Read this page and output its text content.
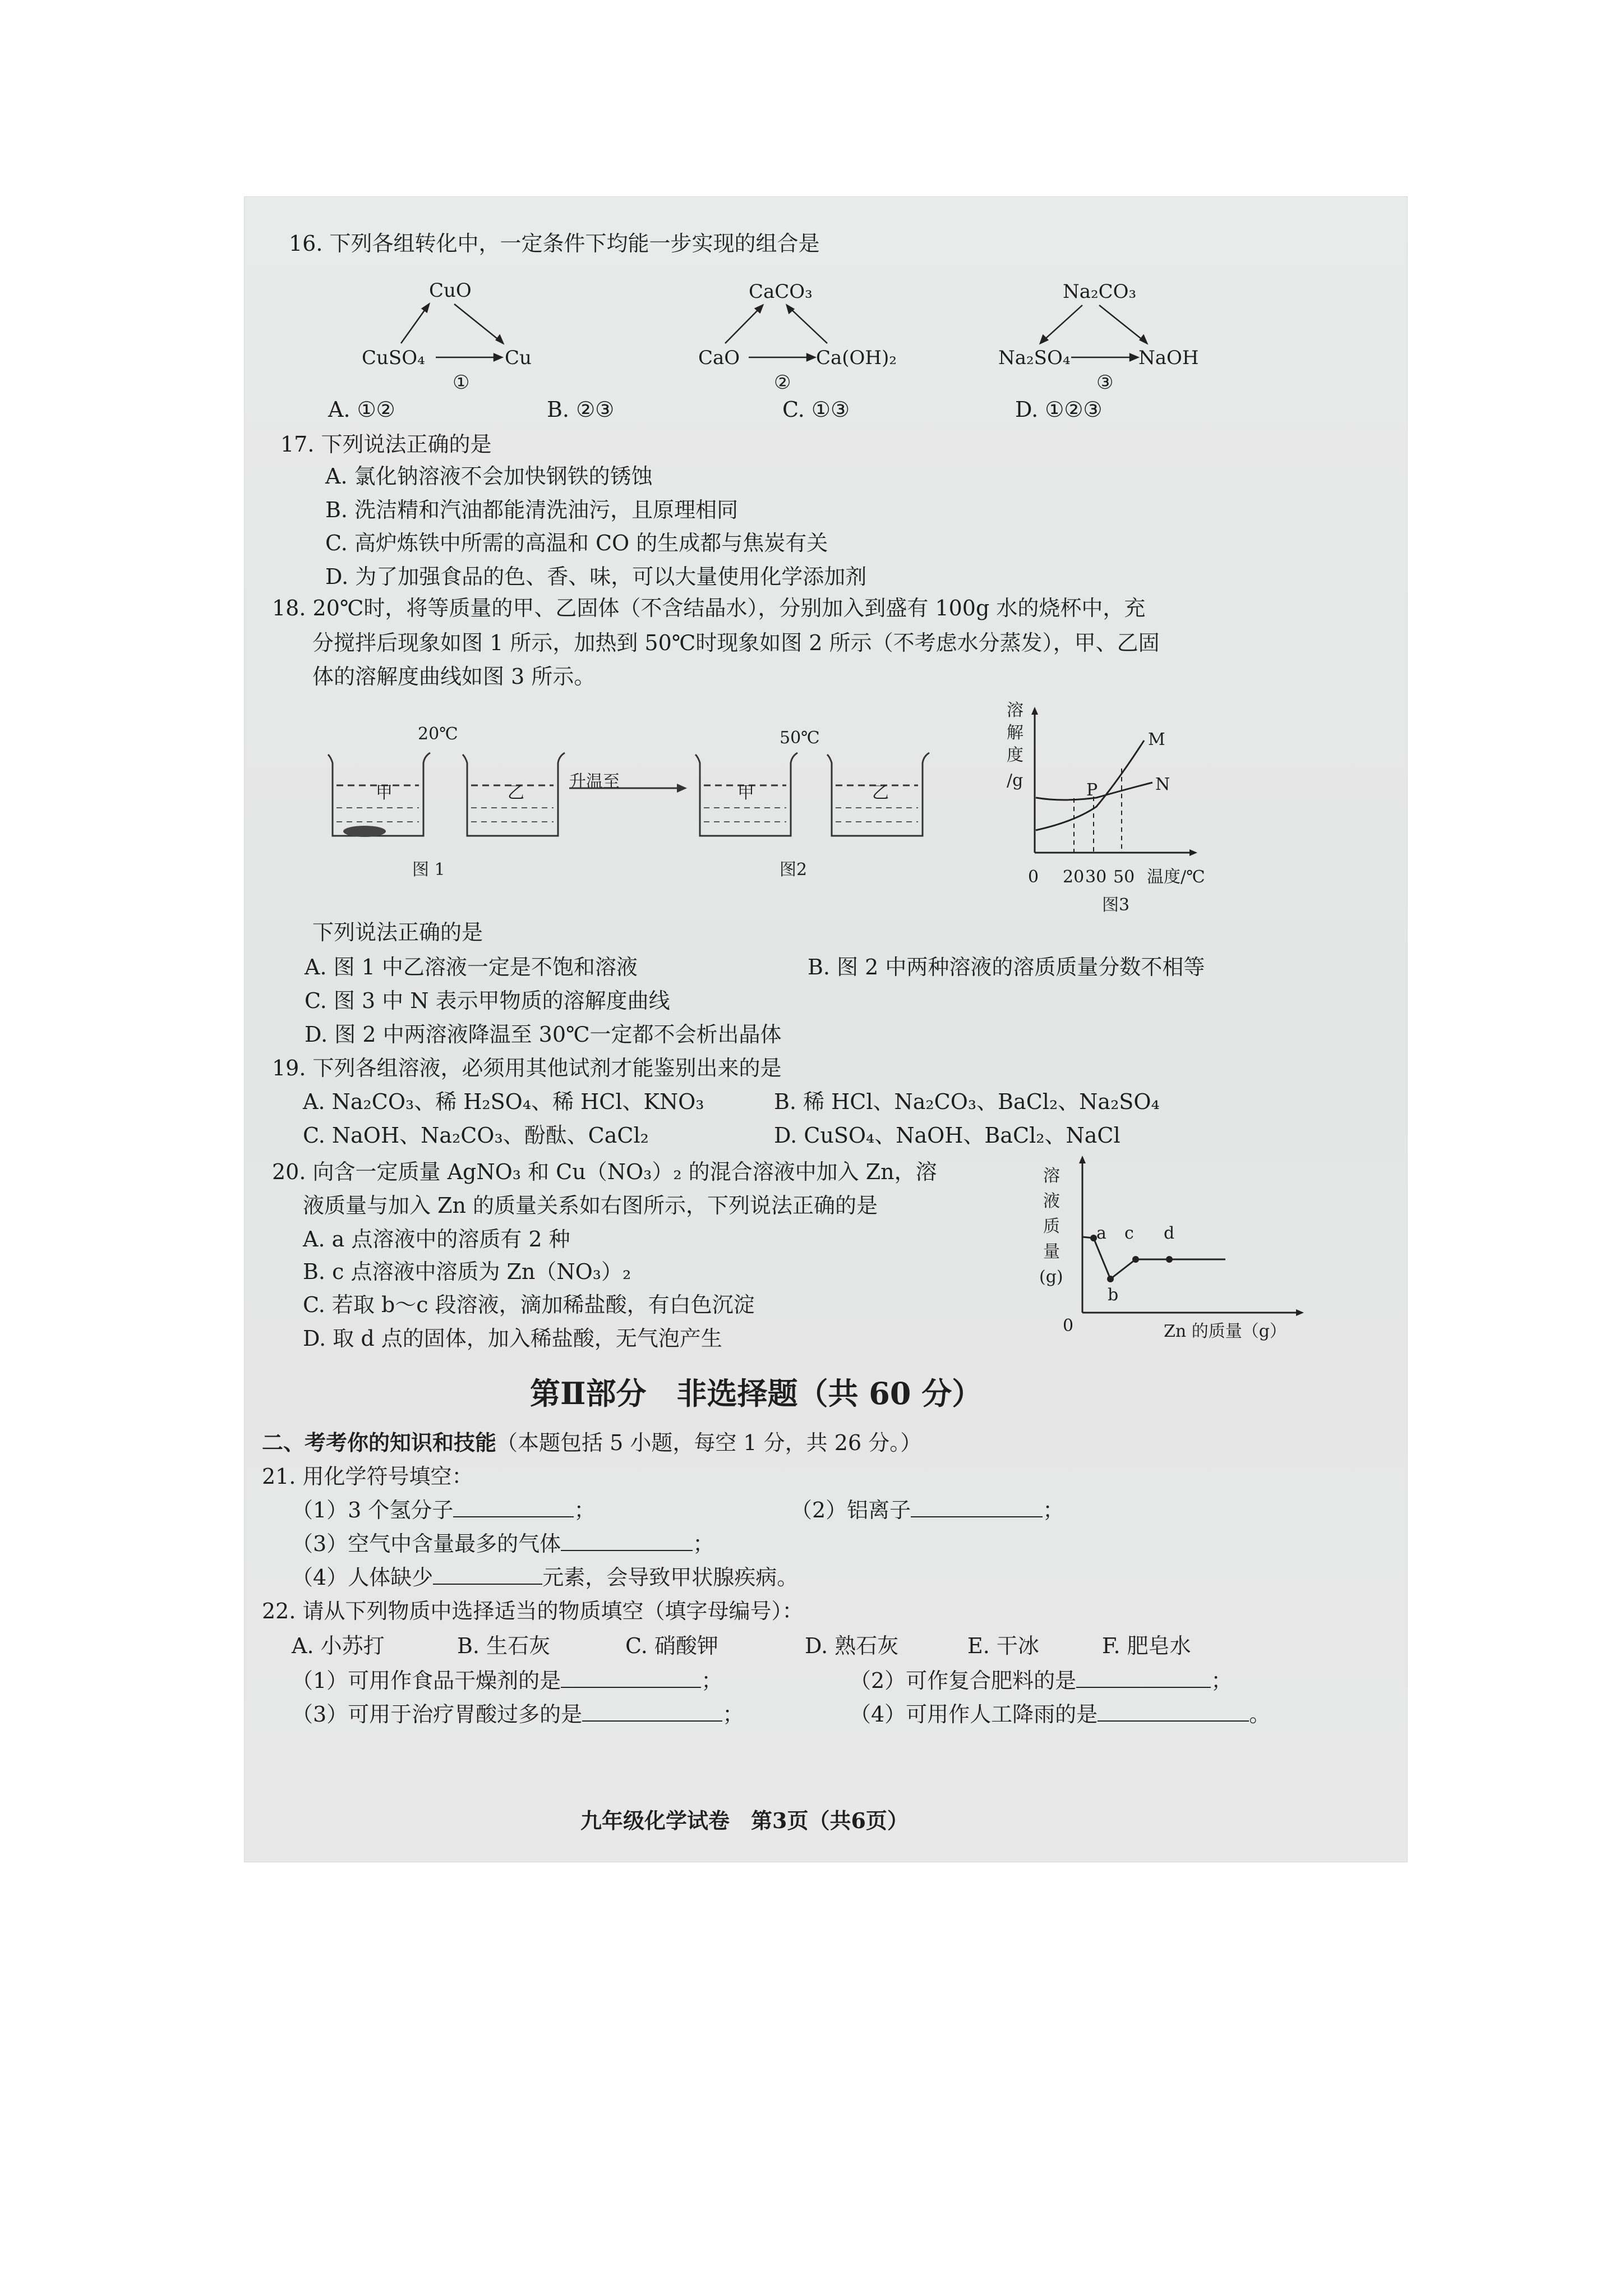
16. 下列各组转化中，一定条件下均能一步实现的组合是
CuO
CuSO₄	Cu
①
CaCO₃
CaO	Ca(OH)₂
②
Na₂CO₃
Na₂SO₄	NaOH
③
A. ①②	B. ②③	C. ①③	D. ①②③
17. 下列说法正确的是
A. 氯化钠溶液不会加快钢铁的锈蚀
B. 洗洁精和汽油都能清洗油污，且原理相同
C. 高炉炼铁中所需的高温和 CO 的生成都与焦炭有关
D. 为了加强食品的色、香、味，可以大量使用化学添加剂
18. 20℃时，将等质量的甲、乙固体（不含结晶水），分别加入到盛有 100g 水的烧杯中，充
分搅拌后现象如图 1 所示，加热到 50℃时现象如图 2 所示（不考虑水分蒸发），甲、乙固
体的溶解度曲线如图 3 所示。
20℃	50℃
升温至
甲	乙	甲	乙
图 1	图2
溶
解
度
/g
M
N
P
0 20 30 50 温度/℃
图3
下列说法正确的是
A. 图 1 中乙溶液一定是不饱和溶液	B. 图 2 中两种溶液的溶质质量分数不相等
C. 图 3 中 N 表示甲物质的溶解度曲线
D. 图 2 中两溶液降温至 30℃一定都不会析出晶体
19. 下列各组溶液，必须用其他试剂才能鉴别出来的是
A. Na₂CO₃、稀 H₂SO₄、稀 HCl、KNO₃	B. 稀 HCl、Na₂CO₃、BaCl₂、Na₂SO₄
C. NaOH、Na₂CO₃、酚酞、CaCl₂	D. CuSO₄、NaOH、BaCl₂、NaCl
20. 向含一定质量 AgNO₃ 和 Cu（NO₃）₂ 的混合溶液中加入 Zn，溶
液质量与加入 Zn 的质量关系如右图所示，下列说法正确的是
A. a 点溶液中的溶质有 2 种
B. c 点溶液中溶质为 Zn（NO₃）₂
C. 若取 b～c 段溶液，滴加稀盐酸，有白色沉淀
D. 取 d 点的固体，加入稀盐酸，无气泡产生
溶
液
质
量
(g)
a
b
c d
0	Zn 的质量（g）
第Ⅱ部分　非选择题（共 60 分）
二、考考你的知识和技能（本题包括 5 小题，每空 1 分，共 26 分。）
21. 用化学符号填空：
（1）3 个氢分子	；	（2）铝离子	；
（3）空气中含量最多的气体	；
（4）人体缺少	元素，会导致甲状腺疾病。
22. 请从下列物质中选择适当的物质填空（填字母编号）：
A. 小苏打	B. 生石灰	C. 硝酸钾	D. 熟石灰	E. 干冰	F. 肥皂水
（1）可用作食品干燥剂的是	；	（2）可作复合肥料的是	；
（3）可用于治疗胃酸过多的是	；	（4）可用作人工降雨的是	。
九年级化学试卷　第3页（共6页）
